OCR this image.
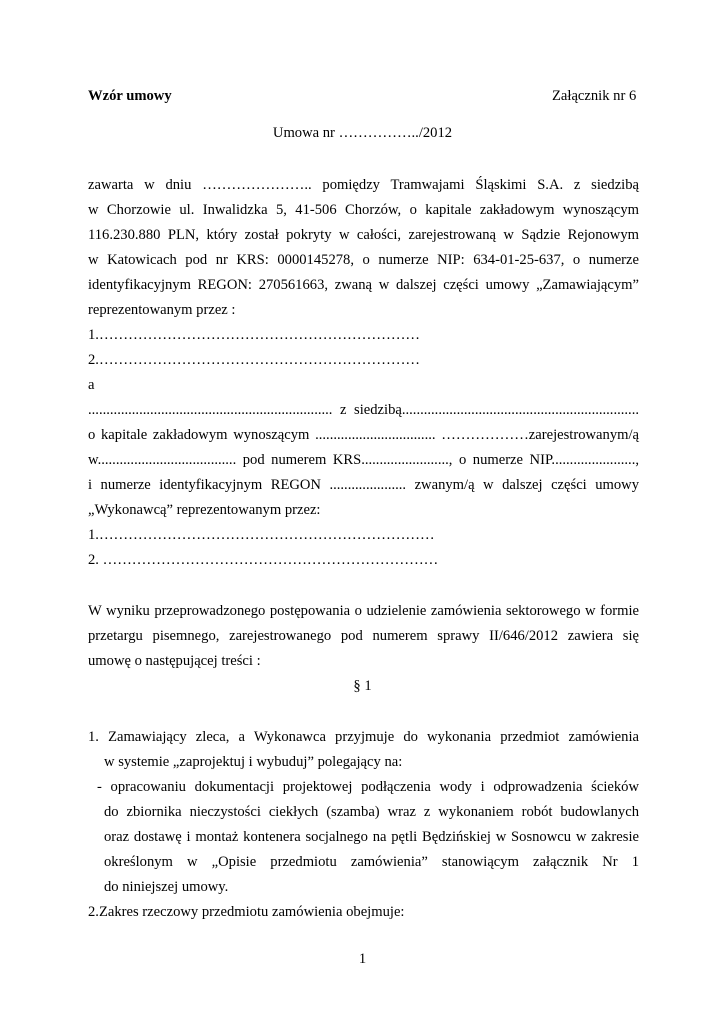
Wzór umowy	Załącznik nr 6
Umowa nr ……………../2012
zawarta w dniu ………………….. pomiędzy Tramwajami Śląskimi S.A. z siedzibą
w Chorzowie ul. Inwalidzka 5, 41-506 Chorzów, o kapitale zakładowym wynoszącym
116.230.880 PLN, który został pokryty w całości, zarejestrowaną w Sądzie Rejonowym
w Katowicach pod nr KRS: 0000145278, o numerze NIP: 634-01-25-637, o numerze
identyfikacyjnym REGON: 270561663, zwaną w dalszej części umowy „Zamawiającym”
reprezentowanym przez :
1.…………………………………………………………
2.…………………………………………………………
a
................................................................... z siedzibą.................................................................
o kapitale zakładowym wynoszącym ................................. ………………zarejestrowanym/ą
w...................................... pod numerem KRS........................, o numerze NIP.......................,
i numerze identyfikacyjnym REGON ..................... zwanym/ą w dalszej części umowy
„Wykonawcą” reprezentowanym przez:
1.……………………………………………………………
2. ……………………………………………………………
W wyniku przeprowadzonego postępowania o udzielenie zamówienia sektorowego w formie
przetargu pisemnego, zarejestrowanego pod numerem sprawy II/646/2012 zawiera się
umowę o następującej treści :
§ 1
1. Zamawiający zleca, a Wykonawca przyjmuje do wykonania przedmiot zamówienia
w systemie „zaprojektuj i wybuduj” polegający na:
- opracowaniu dokumentacji projektowej podłączenia wody i odprowadzenia ścieków
do zbiornika nieczystości ciekłych (szamba) wraz z wykonaniem robót budowlanych
oraz dostawę i montaż kontenera socjalnego na pętli Będzińskiej w Sosnowcu w zakresie
określonym w „Opisie przedmiotu zamówienia” stanowiącym załącznik Nr 1
do niniejszej umowy.
2.Zakres rzeczowy przedmiotu zamówienia obejmuje:
1
